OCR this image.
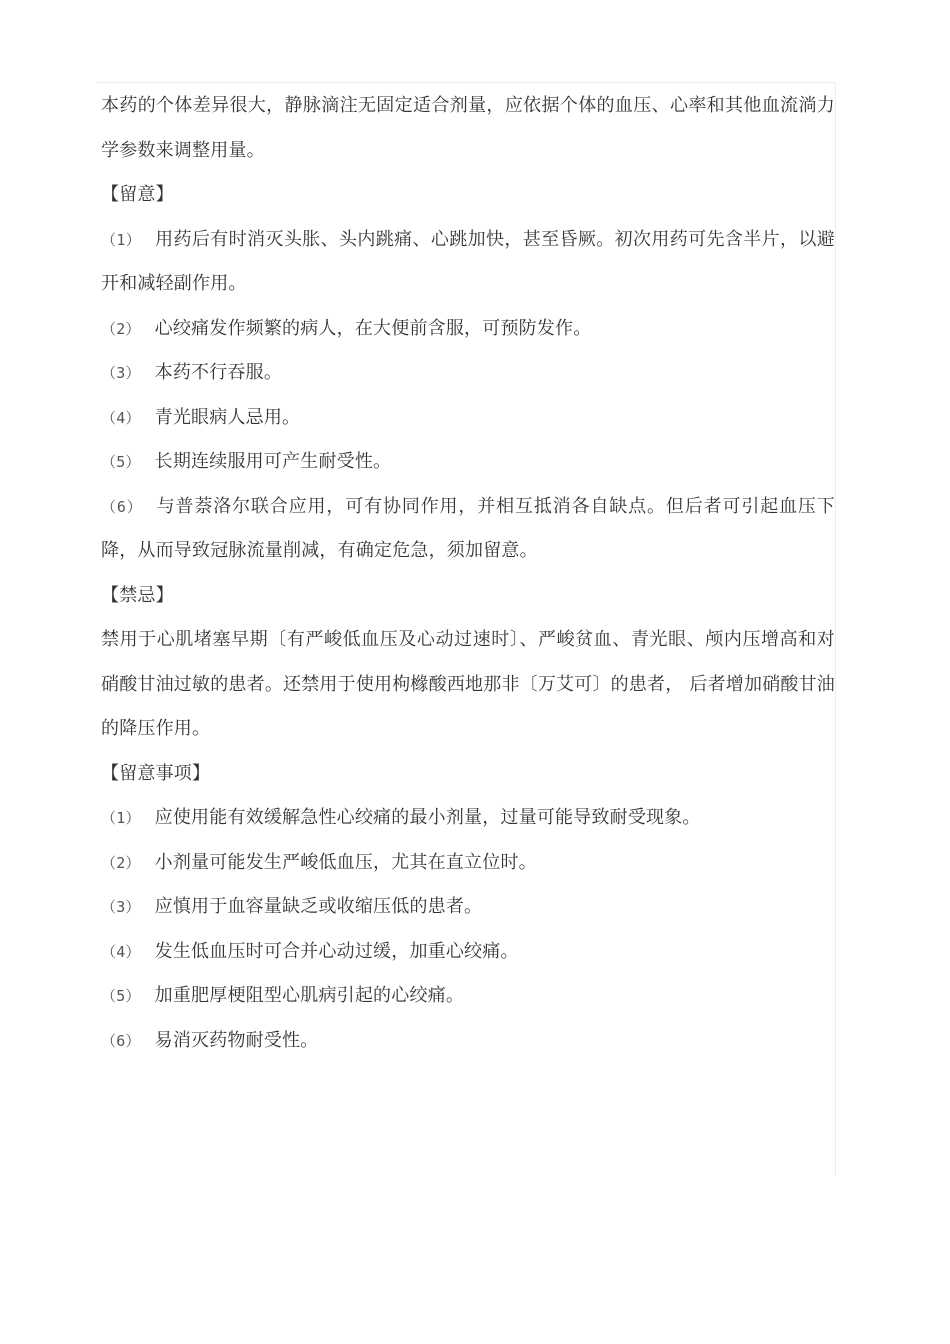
本药的个体差异很大，静脉滴注无固定适合剂量，应依据个体的血压、心率和其他血流淌力学参数来调整用量。

【留意】

（1） 用药后有时消灭头胀、头内跳痛、心跳加快，甚至昏厥。初次用药可先含半片，以避开和减轻副作用。

（2） 心绞痛发作频繁的病人，在大便前含服，可预防发作。

（3） 本药不行吞服。

（4） 青光眼病人忌用。

（5） 长期连续服用可产生耐受性。

（6） 与普萘洛尔联合应用，可有协同作用，并相互抵消各自缺点。但后者可引起血压下降，从而导致冠脉流量削减，有确定危急，须加留意。

【禁忌】

禁用于心肌堵塞早期〔有严峻低血压及心动过速时〕、严峻贫血、青光眼、颅内压增高和对硝酸甘油过敏的患者。还禁用于使用枸橼酸西地那非〔万艾可〕的患者， 后者增加硝酸甘油的降压作用。

【留意事项】

（1） 应使用能有效缓解急性心绞痛的最小剂量，过量可能导致耐受现象。

（2） 小剂量可能发生严峻低血压，尤其在直立位时。

（3） 应慎用于血容量缺乏或收缩压低的患者。

（4） 发生低血压时可合并心动过缓，加重心绞痛。

（5） 加重肥厚梗阻型心肌病引起的心绞痛。

（6） 易消灭药物耐受性。
